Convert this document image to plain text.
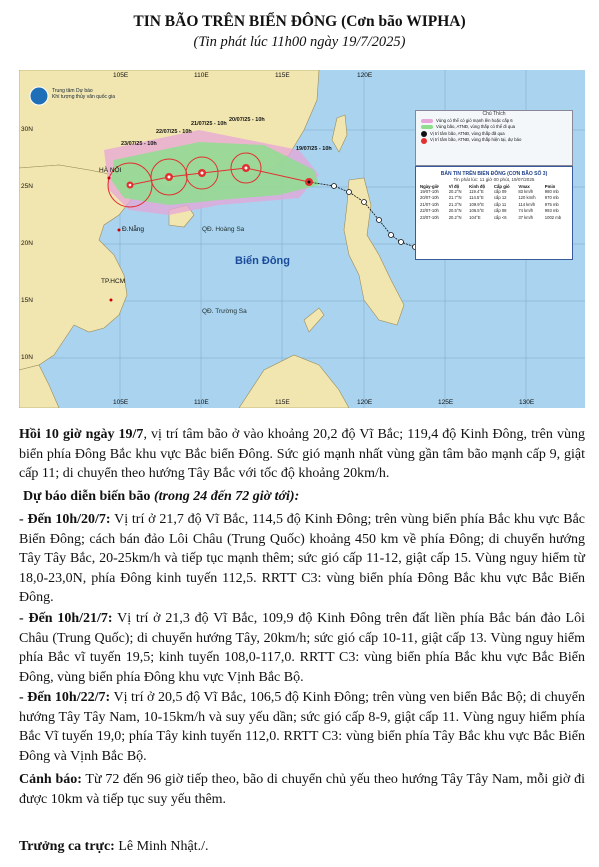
TIN BÃO TRÊN BIỂN ĐÔNG (Cơn bão WIPHA)
(Tin phát lúc 11h00 ngày 19/7/2025)
Trung tâm Dự báo
Khí tượng thủy văn quốc gia
30N
25N
20N
15N
10N
105E	110E	115E	120E
105E	110E	115E	120E	125E	130E
HÀ NỘI
Đ.Nẵng
TP.HCM
QĐ. Hoàng Sa
QĐ. Trường Sa
Biển Đông
19/07/25 - 10h
20/07/25 - 10h
21/07/25 - 10h
22/07/25 - 10h
23/07/25 - 10h
Chú Thích
Vùng có thể có gió mạnh lên hoặc cấp 6
Vùng bão, ATNĐ, vùng thấp có thể đi qua
Vị trí tâm bão, ATNĐ, vùng thấp đã qua
Vị trí tâm bão, ATNĐ, vùng thấp hiện tại, dự báo
BẢN TIN TRÊN BIỂN ĐÔNG (CƠN BÃO SỐ 3)
Tin phát lúc: 11 giờ 00 phút, 19/07/2025
Ngày-giờ	Vĩ độ	Kinh độ	Cấp gió	Vmax	Pmin
19/07-10h	20.2°N	119.4°E	cấp 09	83 km/h	980 mb
20/07-10h	21.7°N	114.5°E	cấp 12	120 km/h	970 mb
21/07-10h	21.3°N	109.9°E	cấp 11	114 km/h	975 mb
22/07-10h	20.5°N	106.5°E	cấp 08	74 km/h	993 mb
23/07-10h	20.2°N	104°E	cấp <6	37 km/h	1002 mb

Hồi 10 giờ ngày 19/7, vị trí tâm bão ở vào khoảng 20,2 độ Vĩ Bắc; 119,4 độ Kinh Đông, trên vùng biển phía Đông Bắc khu vực Bắc biển Đông. Sức gió mạnh nhất vùng gần tâm bão mạnh cấp 9, giật cấp 11; di chuyển theo hướng Tây Bắc với tốc độ khoảng 20km/h.

Dự báo diễn biến bão (trong 24 đến 72 giờ tới):

- Đến 10h/20/7: Vị trí ở 21,7 độ Vĩ Bắc, 114,5 độ Kinh Đông; trên vùng biển phía Bắc khu vực Bắc Biển Đông; cách bán đảo Lôi Châu (Trung Quốc) khoảng 450 km về phía Đông; di chuyển hướng Tây Tây Bắc, 20-25km/h và tiếp tục mạnh thêm; sức gió cấp 11-12, giật cấp 15. Vùng nguy hiểm từ 18,0-23,0N, phía Đông kinh tuyến 112,5. RRTT C3: vùng biển phía Đông Bắc khu vực Bắc Biển Đông.

- Đến 10h/21/7: Vị trí ở 21,3 độ Vĩ Bắc, 109,9 độ Kinh Đông trên đất liền phía Bắc bán đảo Lôi Châu (Trung Quốc); di chuyển hướng Tây, 20km/h; sức gió cấp 10-11, giật cấp 13. Vùng nguy hiểm phía Bắc vĩ tuyến 19,5; kinh tuyến 108,0-117,0. RRTT C3: vùng biển phía Bắc khu vực Bắc Biển Đông, vùng biển phía Đông khu vực Vịnh Bắc Bộ.

- Đến 10h/22/7: Vị trí ở 20,5 độ Vĩ Bắc, 106,5 độ Kinh Đông; trên vùng ven biển Bắc Bộ; di chuyển hướng Tây Tây Nam, 10-15km/h và suy yếu dần; sức gió cấp 8-9, giật cấp 11. Vùng nguy hiểm phía Bắc Vĩ tuyến 19,0; phía Tây kinh tuyến 112,0. RRTT C3: vùng biển phía Tây Bắc khu vực Bắc Biển Đông và Vịnh Bắc Bộ.

Cảnh báo: Từ 72 đến 96 giờ tiếp theo, bão di chuyển chủ yếu theo hướng Tây Tây Nam, mỗi giờ đi được 10km và tiếp tục suy yếu thêm.

Trưởng ca trực: Lê Minh Nhật./.
